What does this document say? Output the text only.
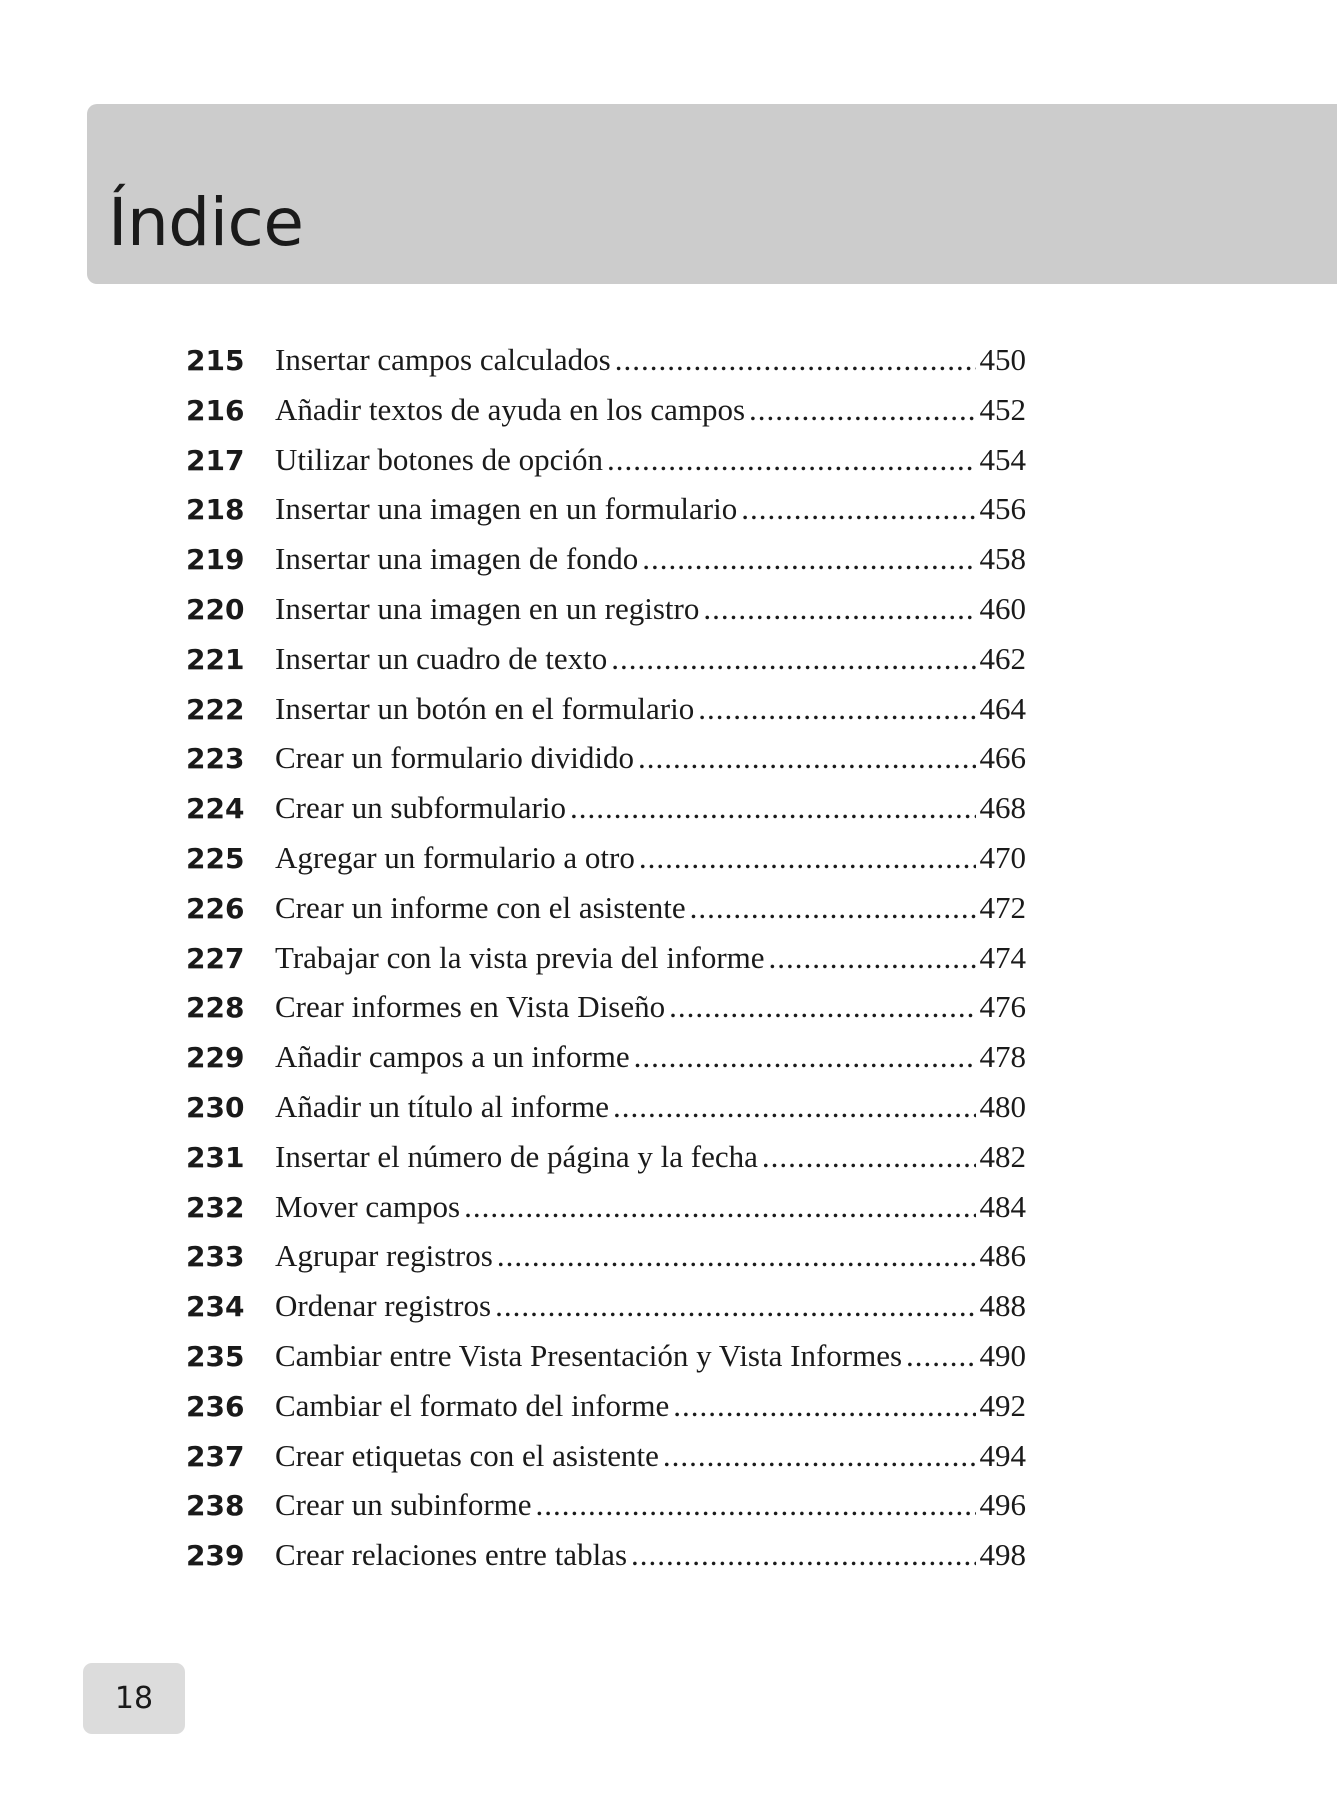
Índice
215 Insertar campos calculados .....	450
216 Añadir textos de ayuda en los campos .....	452
217 Utilizar botones de opción .....	454
218 Insertar una imagen en un formulario .....	456
219 Insertar una imagen de fondo .....	458
220 Insertar una imagen en un registro .....	460
221 Insertar un cuadro de texto .....	462
222 Insertar un botón en el formulario .....	464
223 Crear un formulario dividido .....	466
224 Crear un subformulario .....	468
225 Agregar un formulario a otro .....	470
226 Crear un informe con el asistente .....	472
227 Trabajar con la vista previa del informe .....	474
228 Crear informes en Vista Diseño .....	476
229 Añadir campos a un informe .....	478
230 Añadir un título al informe .....	480
231 Insertar el número de página y la fecha .....	482
232 Mover campos .....	484
233 Agrupar registros .....	486
234 Ordenar registros .....	488
235 Cambiar entre Vista Presentación y Vista Informes ..... 490
236 Cambiar el formato del informe .....	492
237 Crear etiquetas con el asistente .....	494
238 Crear un subinforme .....	496
239 Crear relaciones entre tablas .....	498
18
